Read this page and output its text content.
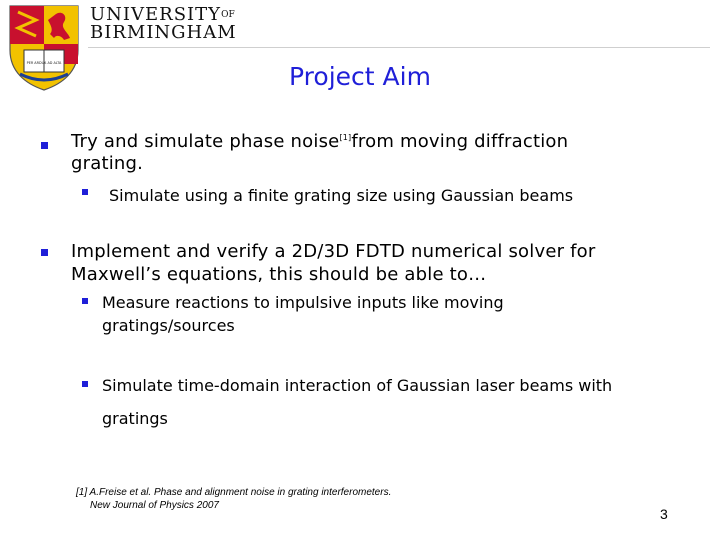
PER ARDUA AD ALTA
$UNIVERSITY^{OF}$
BIRMINGHAM
Project Aim
Try and simulate phase noise[1]from moving diffraction
grating.
Simulate using a finite grating size using Gaussian beams
Implement and verify a 2D/3D FDTD numerical solver for
Maxwell’s equations, this should be able to…
Measure reactions to impulsive inputs like moving
gratings/sources
Simulate time-domain interaction of Gaussian laser beams with
gratings
[1] A.Freise et al. Phase and alignment noise in grating interferometers.
New Journal of Physics 2007
3
